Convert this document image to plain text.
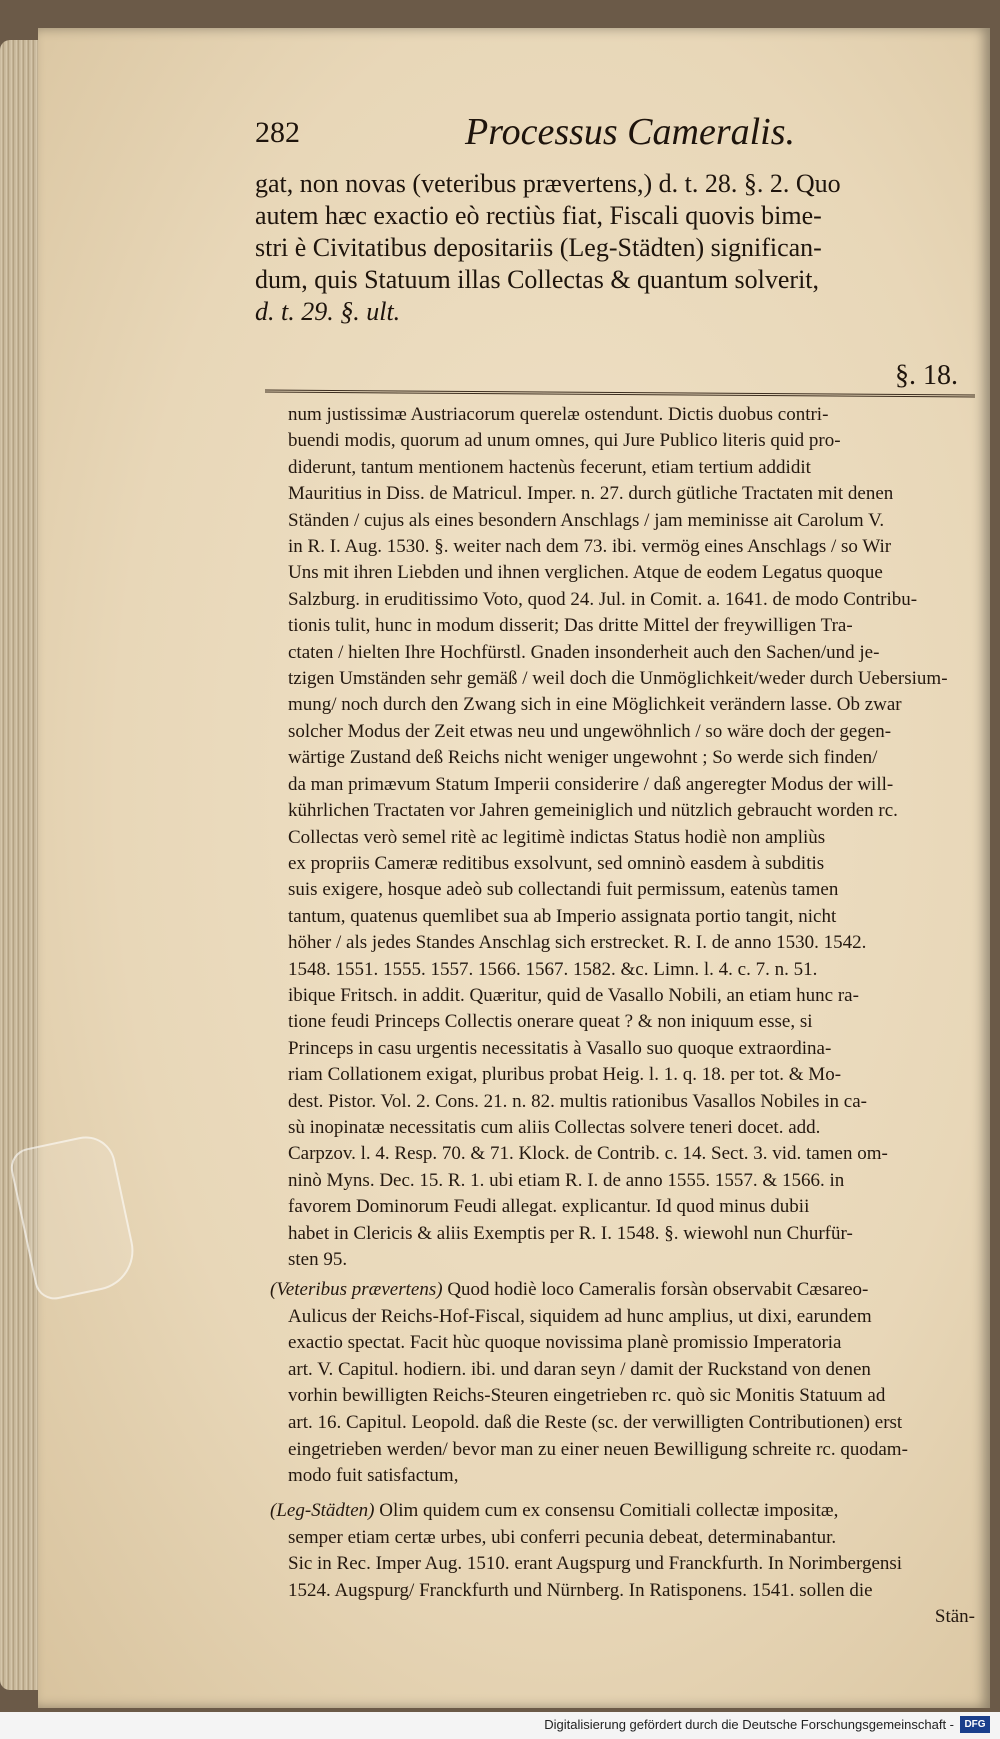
282	Processus Cameralis.

gat, non novas (veteribus prævertens,) d. t. 28. §. 2. Quo

autem hæc exactio eò rectiùs fiat, Fiscali quovis bime-

stri è Civitatibus depositariis (Leg-Städten) significan-

dum, quis Statuum illas Collectas & quantum solverit,

d. t. 29. §. ult.

§. 18.

num justissimæ Austriacorum querelæ ostendunt. Dictis duobus contri-

buendi modis, quorum ad unum omnes, qui Jure Publico literis quid pro-

diderunt, tantum mentionem hactenùs fecerunt, etiam tertium addidit

Mauritius in Diss. de Matricul. Imper. n. 27. durch gütliche Tractaten mit denen

Ständen / cujus als eines besondern Anschlags / jam meminisse ait Carolum V.

in R. I. Aug. 1530. §. weiter nach dem 73. ibi. vermög eines Anschlags / so Wir

Uns mit ihren Liebden und ihnen verglichen. Atque de eodem Legatus quoque

Salzburg. in eruditissimo Voto, quod 24. Jul. in Comit. a. 1641. de modo Contribu-

tionis tulit, hunc in modum disserit; Das dritte Mittel der freywilligen Tra-

ctaten / hielten Ihre Hochfürstl. Gnaden insonderheit auch den Sachen/und je-

tzigen Umständen sehr gemäß / weil doch die Unmöglichkeit/weder durch Uebersium-

mung/ noch durch den Zwang sich in eine Möglichkeit verändern lasse. Ob zwar

solcher Modus der Zeit etwas neu und ungewöhnlich / so wäre doch der gegen-

wärtige Zustand deß Reichs nicht weniger ungewohnt ; So werde sich finden/

da man primævum Statum Imperii considerire / daß angeregter Modus der will-

kührlichen Tractaten vor Jahren gemeiniglich und nützlich gebraucht worden rc.

Collectas verò semel ritè ac legitimè indictas Status hodiè non ampliùs

ex propriis Cameræ reditibus exsolvunt, sed omninò easdem à subditis

suis exigere, hosque adeò sub collectandi fuit permissum, eatenùs tamen

tantum, quatenus quemlibet sua ab Imperio assignata portio tangit, nicht

höher / als jedes Standes Anschlag sich erstrecket. R. I. de anno 1530. 1542.

1548. 1551. 1555. 1557. 1566. 1567. 1582. &c. Limn. l. 4. c. 7. n. 51.

ibique Fritsch. in addit. Quæritur, quid de Vasallo Nobili, an etiam hunc ra-

tione feudi Princeps Collectis onerare queat ? & non iniquum esse, si

Princeps in casu urgentis necessitatis à Vasallo suo quoque extraordina-

riam Collationem exigat, pluribus probat Heig. l. 1. q. 18. per tot. & Mo-

dest. Pistor. Vol. 2. Cons. 21. n. 82. multis rationibus Vasallos Nobiles in ca-

sù inopinatæ necessitatis cum aliis Collectas solvere teneri docet. add.

Carpzov. l. 4. Resp. 70. & 71. Klock. de Contrib. c. 14. Sect. 3. vid. tamen om-

ninò Myns. Dec. 15. R. 1. ubi etiam R. I. de anno 1555. 1557. & 1566. in

favorem Dominorum Feudi allegat. explicantur. Id quod minus dubii

habet in Clericis & aliis Exemptis per R. I. 1548. §. wiewohl nun Churfür-

sten 95.

(Veteribus prævertens) Quod hodiè loco Cameralis forsàn observabit Cæsareo-
Aulicus der Reichs-Hof-Fiscal, siquidem ad hunc amplius, ut dixi, earundem
exactio spectat. Facit hùc quoque novissima planè promissio Imperatoria
art. V. Capitul. hodiern. ibi. und daran seyn / damit der Ruckstand von denen
vorhin bewilligten Reichs-Steuren eingetrieben rc. quò sic Monitis Statuum ad
art. 16. Capitul. Leopold. daß die Reste (sc. der verwilligten Contributionen) erst
eingetrieben werden/ bevor man zu einer neuen Bewilligung schreite rc. quodam-
modo fuit satisfactum,
(Leg-Städten) Olim quidem cum ex consensu Comitiali collectæ impositæ,
semper etiam certæ urbes, ubi conferri pecunia debeat, determinabantur.
Sic in Rec. Imper Aug. 1510. erant Augspurg und Franckfurth. In Norimbergensi
1524. Augspurg/ Franckfurth und Nürnberg. In Ratisponens. 1541. sollen die
Stän-
Digitalisierung gefördert durch die Deutsche Forschungsgemeinschaft -	DFG
